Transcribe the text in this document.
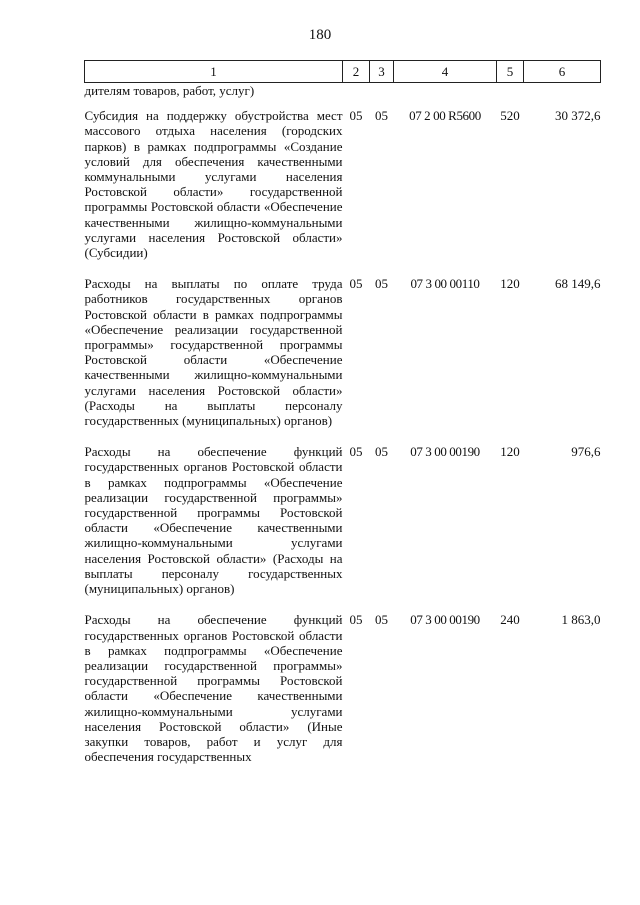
180
1	2	3	4	5	6
дителям товаров, работ, услуг)					
Субсидия на поддержку обустройства мест массового отдыха населения (городских парков) в рамках подпрограммы «Создание условий для обеспечения качественными коммунальными услугами населения Ростовской области» государственной программы Ростовской области «Обеспечение качественными жилищно-коммунальными услугами населения Ростовской области» (Субсидии)	05	05	07 2 00 R5600	520	30 372,6
Расходы на выплаты по оплате труда работников государственных органов Ростовской области в рамках подпрограммы «Обеспечение реализации государственной программы» государственной программы Ростовской области «Обеспечение качественными жилищно-коммунальными услугами населения Ростовской области» (Расходы на выплаты персоналу государственных (муниципальных) органов)	05	05	07 3 00 00110	120	68 149,6
Расходы на обеспечение функций государственных органов Ростовской области в рамках подпрограммы «Обеспечение реализации государственной программы» государственной программы Ростовской области «Обеспечение качественными жилищно-коммунальными услугами населения Ростовской области» (Расходы на выплаты персоналу государственных (муниципальных) органов)	05	05	07 3 00 00190	120	976,6
Расходы на обеспечение функций государственных органов Ростовской области в рамках подпрограммы «Обеспечение реализации государственной программы» государственной программы Ростовской области «Обеспечение качественными жилищно-коммунальными услугами населения Ростовской области» (Иные закупки товаров, работ и услуг для обеспечения государственных	05	05	07 3 00 00190	240	1 863,0
